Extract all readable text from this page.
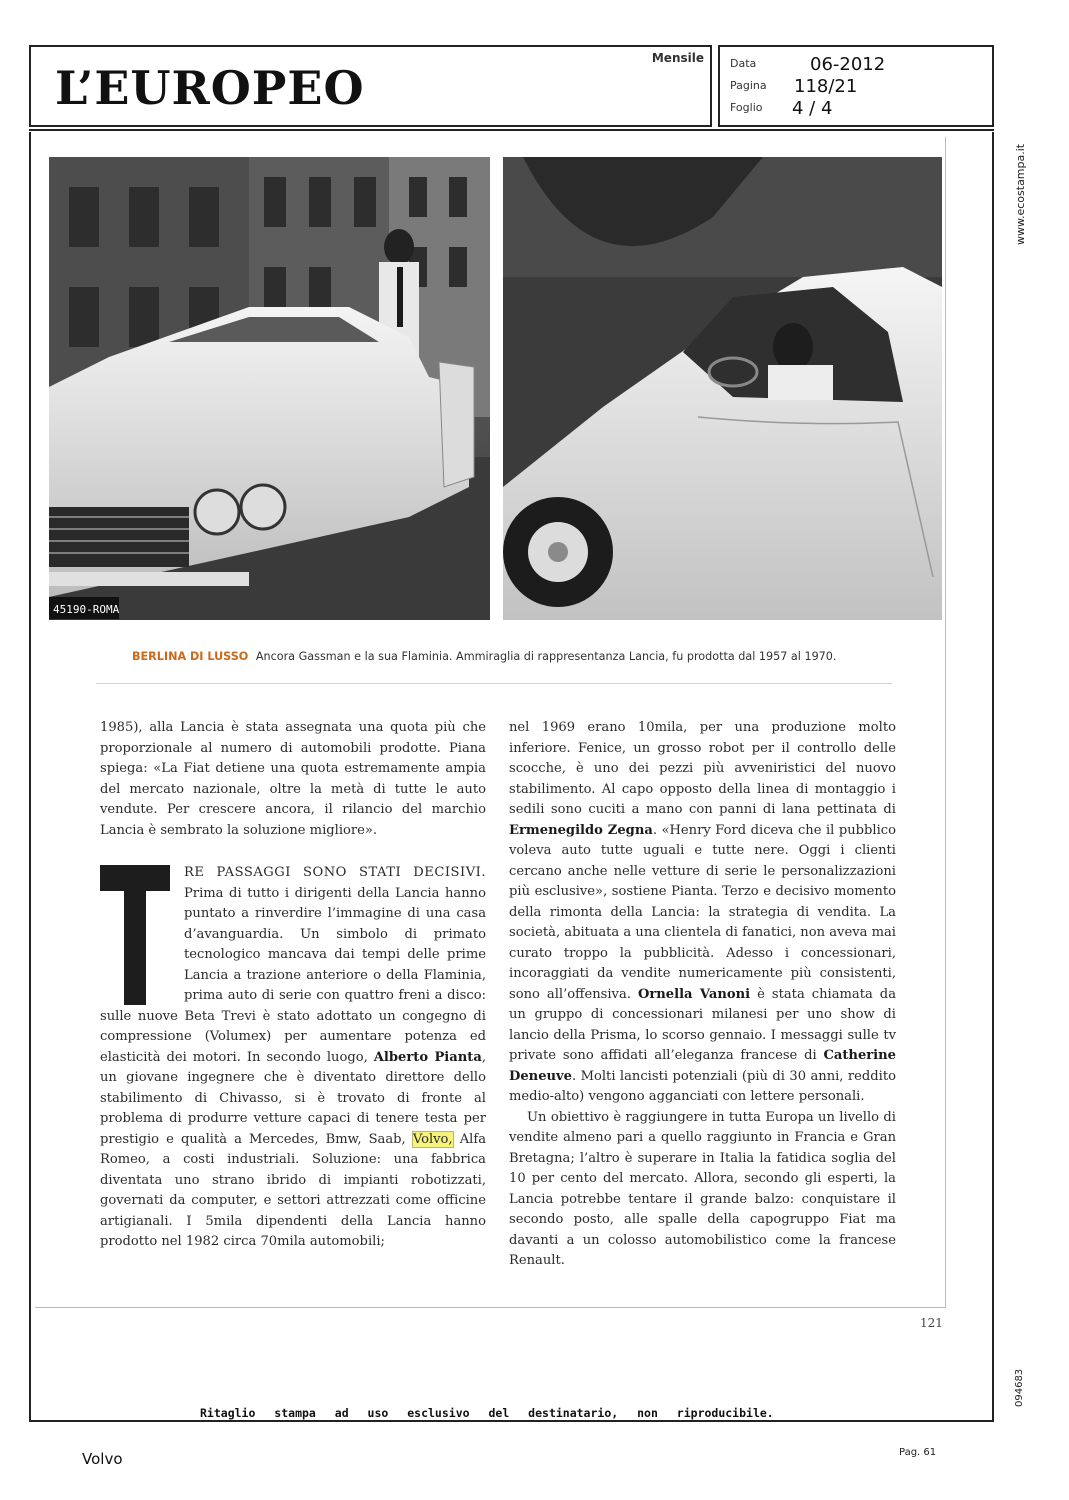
L’EUROPEO
Mensile Data	06-2012
Pagina 118/21
Foglio 4 / 4
www.ecostampa.it
094683
45190-ROMA
BERLINA DI LUSSO Ancora Gassman e la sua Flaminia. Ammiraglia di rappresentanza Lancia, fu prodotta dal 1957 al 1970.

1985), alla Lancia è stata assegnata una quota più che proporzionale al numero di automobili prodotte. Piana spiega: «La Fiat detiene una quota estremamente ampia del mercato nazionale, oltre la metà di tutte le auto vendute. Per crescere ancora, il rilancio del marchio Lancia è sembrato la soluzione migliore».

RE PASSAGGI SONO STATI DECISIVI. Prima di tutto i dirigenti della Lancia hanno puntato a rinverdire l’immagine di una casa d’avanguardia. Un simbolo di primato tecnologico mancava dai tempi delle prime Lancia a trazione anteriore o della Flaminia, prima auto di serie con quattro freni a disco: sulle nuove Beta Trevi è stato adottato un congegno di compressione (Volumex) per aumentare potenza ed elasticità dei motori. In secondo luogo, Alberto Pianta, un giovane ingegnere che è diventato direttore dello stabilimento di Chivasso, si è trovato di fronte al problema di produrre vetture capaci di tenere testa per prestigio e qualità a Mercedes, Bmw, Saab, Volvo, Alfa Romeo, a costi industriali. Soluzione: una fabbrica diventata uno strano ibrido di impianti robotizzati, governati da computer, e settori attrezzati come officine artigianali. I 5mila dipendenti della Lancia hanno prodotto nel 1982 circa 70mila automobili;

nel 1969 erano 10mila, per una produzione molto inferiore. Fenice, un grosso robot per il controllo delle scocche, è uno dei pezzi più avveniristici del nuovo stabilimento. Al capo opposto della linea di montaggio i sedili sono cuciti a mano con panni di lana pettinata di Ermenegildo Zegna. «Henry Ford diceva che il pubblico voleva auto tutte uguali e tutte nere. Oggi i clienti cercano anche nelle vetture di serie le personalizzazioni più esclusive», sostiene Pianta. Terzo e decisivo momento della rimonta della Lancia: la strategia di vendita. La società, abituata a una clientela di fanatici, non aveva mai curato troppo la pubblicità. Adesso i concessionari, incoraggiati da vendite numericamente più consistenti, sono all’offensiva. Ornella Vanoni è stata chiamata da un gruppo di concessionari milanesi per uno show di lancio della Prisma, lo scorso gennaio. I messaggi sulle tv private sono affidati all’eleganza francese di Catherine Deneuve. Molti lancisti potenziali (più di 30 anni, reddito medio-alto) vengono agganciati con lettere personali.

Un obiettivo è raggiungere in tutta Europa un livello di vendite almeno pari a quello raggiunto in Francia e Gran Bretagna; l’altro è superare in Italia la fatidica soglia del 10 per cento del mercato. Allora, secondo gli esperti, la Lancia potrebbe tentare il grande balzo: conquistare il secondo posto, alle spalle della capogruppo Fiat ma davanti a un colosso automobilistico come la francese Renault.

121
Ritaglio stampa ad uso esclusivo del destinatario, non riproducibile.
Volvo	Pag. 61
